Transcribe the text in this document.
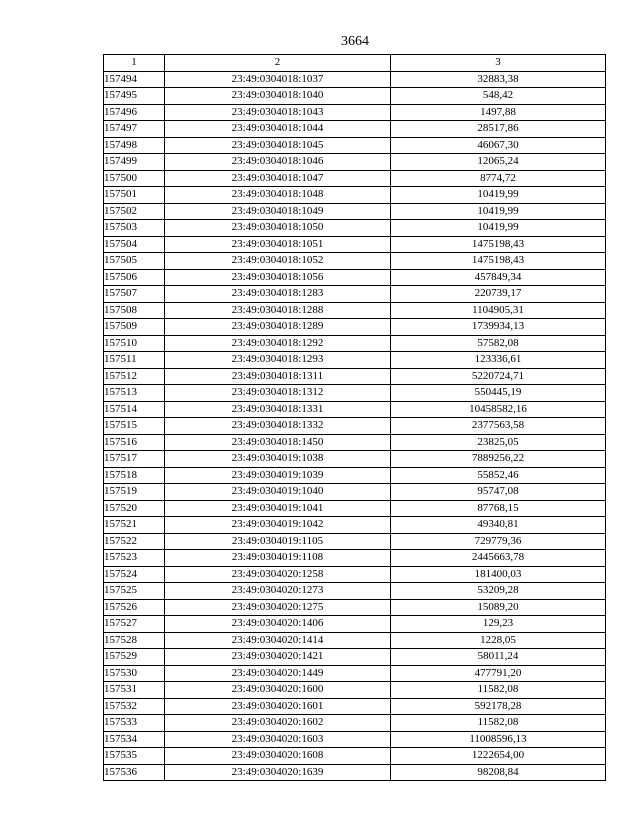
3664
1	2	3
157494	23:49:0304018:1037	32883,38
157495	23:49:0304018:1040	548,42
157496	23:49:0304018:1043	1497,88
157497	23:49:0304018:1044	28517,86
157498	23:49:0304018:1045	46067,30
157499	23:49:0304018:1046	12065,24
157500	23:49:0304018:1047	8774,72
157501	23:49:0304018:1048	10419,99
157502	23:49:0304018:1049	10419,99
157503	23:49:0304018:1050	10419,99
157504	23:49:0304018:1051	1475198,43
157505	23:49:0304018:1052	1475198,43
157506	23:49:0304018:1056	457849,34
157507	23:49:0304018:1283	220739,17
157508	23:49:0304018:1288	1104905,31
157509	23:49:0304018:1289	1739934,13
157510	23:49:0304018:1292	57582,08
157511	23:49:0304018:1293	123336,61
157512	23:49:0304018:1311	5220724,71
157513	23:49:0304018:1312	550445,19
157514	23:49:0304018:1331	10458582,16
157515	23:49:0304018:1332	2377563,58
157516	23:49:0304018:1450	23825,05
157517	23:49:0304019:1038	7889256,22
157518	23:49:0304019:1039	55852,46
157519	23:49:0304019:1040	95747,08
157520	23:49:0304019:1041	87768,15
157521	23:49:0304019:1042	49340,81
157522	23:49:0304019:1105	729779,36
157523	23:49:0304019:1108	2445663,78
157524	23:49:0304020:1258	181400,03
157525	23:49:0304020:1273	53209,28
157526	23:49:0304020:1275	15089,20
157527	23:49:0304020:1406	129,23
157528	23:49:0304020:1414	1228,05
157529	23:49:0304020:1421	58011,24
157530	23:49:0304020:1449	477791,20
157531	23:49:0304020:1600	11582,08
157532	23:49:0304020:1601	592178,28
157533	23:49:0304020:1602	11582,08
157534	23:49:0304020:1603	11008596,13
157535	23:49:0304020:1608	1222654,00
157536	23:49:0304020:1639	98208,84
